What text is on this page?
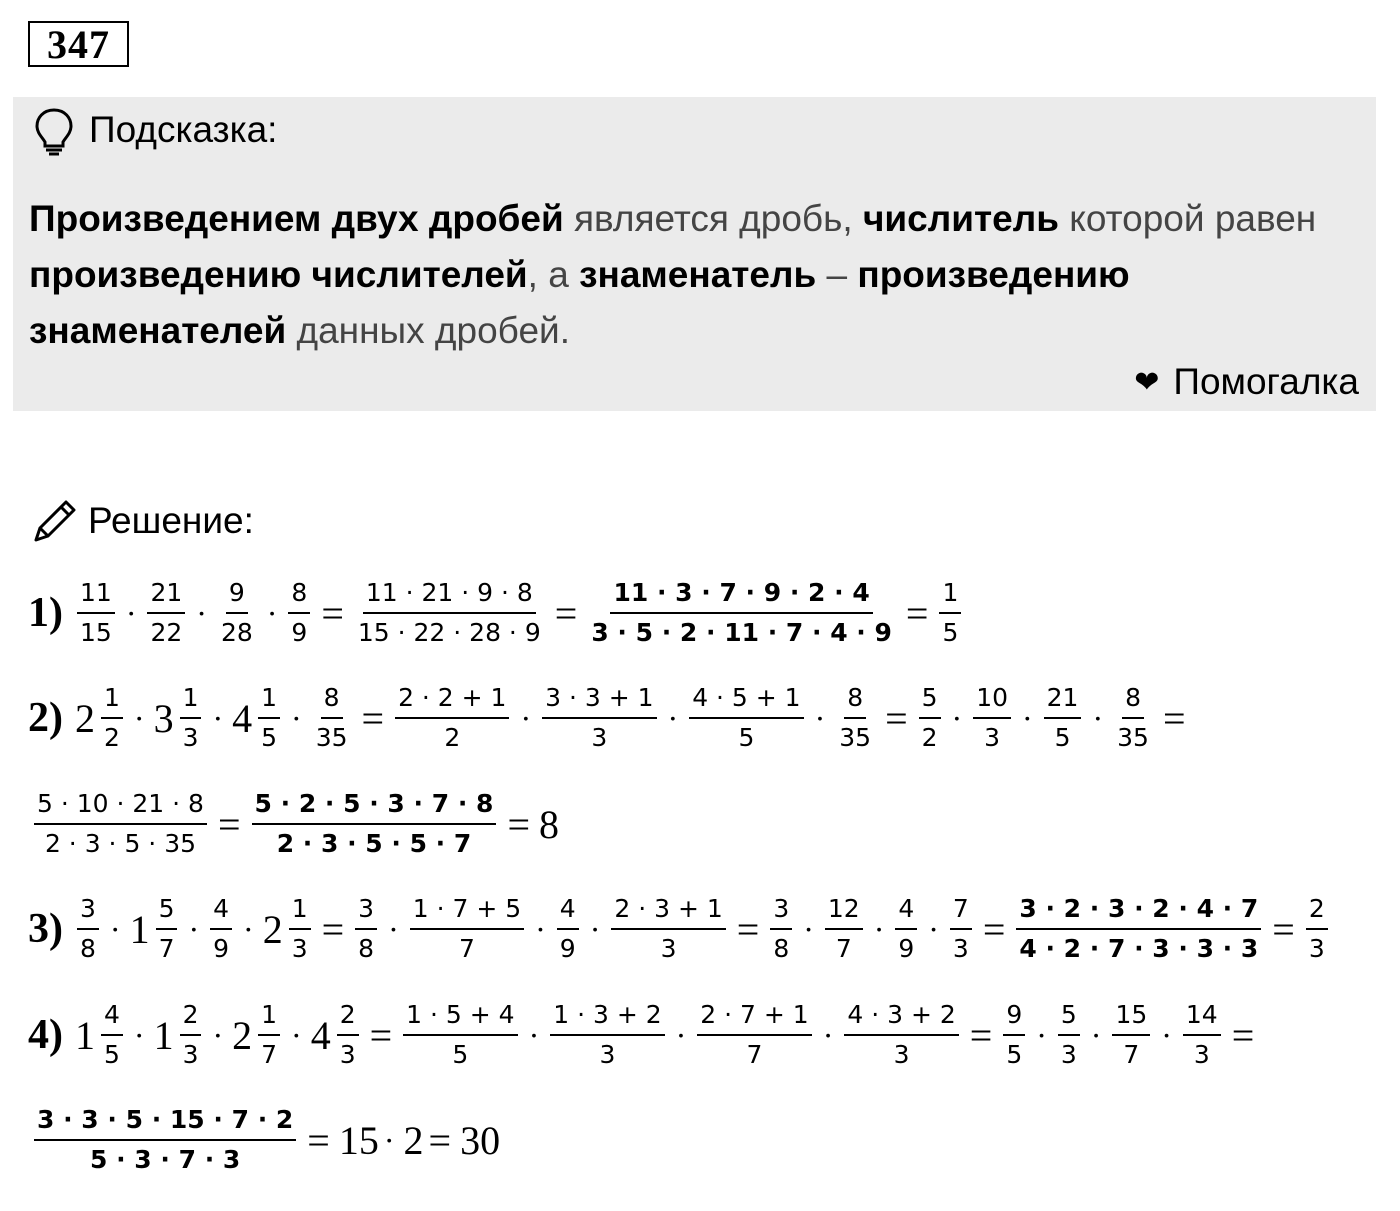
347
Подсказка:
Произведением двух дробей является дробь, числитель которой равен произведению числителей, а знаменатель – произведению знаменателей данных дробей.
❤ Помогалка
Решение:
$1) \frac{11}{15} \cdot \frac{21}{22} \cdot \frac{9}{28} \cdot \frac{8}{9} = \frac{11 \cdot 21 \cdot 9 \cdot 8}{15 \cdot 22 \cdot 28 \cdot 9} = \frac{11 \cdot 3 \cdot 7 \cdot 9 \cdot 2 \cdot 4}{3 \cdot 5 \cdot 2 \cdot 11 \cdot 7 \cdot 4 \cdot 9} = \frac{1}{5}$
2) $2 \frac{1}{2} \cdot 3 \frac{1}{3} \cdot 4 \frac{1}{5} \cdot \frac{8}{35} = \frac{2 \cdot 2 + 1}{2} \cdot \frac{3 \cdot 3 + 1}{3} \cdot \frac{4 \cdot 5 + 1}{5} \cdot \frac{8}{35} = \frac{5}{2} \cdot \frac{10}{3} \cdot \frac{21}{5} \cdot \frac{8}{35}$ =
$\frac{5 \cdot 10 \cdot 21 \cdot 8}{2 \cdot 3 \cdot 5 \cdot 35} = \frac{5 \cdot 2 \cdot 5 \cdot 3 \cdot 7 \cdot 8}{2 \cdot 3 \cdot 5 \cdot 5 \cdot 7} = 8$
$3) \frac{3}{8} \cdot 1 \frac{5}{7} \cdot \frac{4}{9} \cdot 2 \frac{1}{3} = \frac{3}{8} \cdot \frac{1 \cdot 7 + 5}{7} \cdot \frac{4}{9} \cdot \frac{2 \cdot 3 + 1}{3} = \frac{3}{8} \cdot \frac{12}{7} \cdot \frac{4}{9} \cdot \frac{7}{3} = \frac{3 \cdot 2 \cdot 3 \cdot 2 \cdot 4 \cdot 7}{4 \cdot 2 \cdot 7 \cdot 3 \cdot 3 \cdot 3} = \frac{2}{3}$
4) $1 \frac{4}{5} \cdot 1 \frac{2}{3} \cdot 2 \frac{1}{7} \cdot 4 \frac{2}{3} = \frac{1 \cdot 5 + 4}{5} \cdot \frac{1 \cdot 3 + 2}{3} \cdot \frac{2 \cdot 7 + 1}{7} \cdot \frac{4 \cdot 3 + 2}{3} = \frac{9}{5} \cdot \frac{5}{3} \cdot \frac{15}{7} \cdot \frac{14}{3}$ =
$\frac{3 \cdot 3 \cdot 5 \cdot 15 \cdot 7 \cdot 2}{5 \cdot 3 \cdot 7 \cdot 3} = 15 \cdot 2 = 30$
